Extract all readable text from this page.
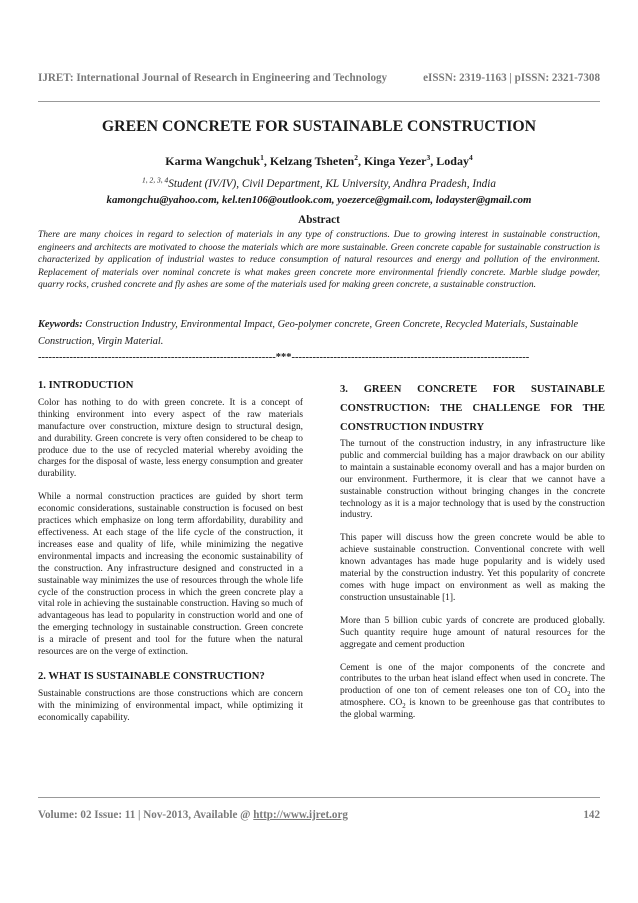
IJRET: International Journal of Research in Engineering and Technology	eISSN: 2319-1163 | pISSN: 2321-7308
GREEN CONCRETE FOR SUSTAINABLE CONSTRUCTION
Karma Wangchuk$^1$, Kelzang Tsheten$^2$, Kinga Yezer$^3$, Loday$^4$
$^{1, 2, 3, 4}$Student (IV/IV), Civil Department, KL University, Andhra Pradesh, India
kamongchu@yahoo.com, kel.ten106@outlook.com, yoezerce@gmail.com, lodayster@gmail.com
Abstract
There are many choices in regard to selection of materials in any type of constructions. Due to growing interest in sustainable construction, engineers and architects are motivated to choose the materials which are more sustainable. Green concrete capable for sustainable construction is characterized by application of industrial wastes to reduce consumption of natural resources and energy and pollution of the environment. Replacement of materials over nominal concrete is what makes green concrete more environmental friendly concrete. Marble sludge powder, quarry rocks, crushed concrete and fly ashes are some of the materials used for making green concrete, a sustainable construction.
Keywords: Construction Industry, Environmental Impact, Geo-polymer concrete, Green Concrete, Recycled Materials, Sustainable Construction, Virgin Material.
--------------------------------------------------------------------***--------------------------------------------------------------------
1. INTRODUCTION

Color has nothing to do with green concrete. It is a concept of thinking environment into every aspect of the raw materials manufacture over construction, mixture design to structural design, and durability. Green concrete is very often considered to be cheap to produce due to the use of recycled material whereby avoiding the charges for the disposal of waste, less energy consumption and greater durability.

While a normal construction practices are guided by short term economic considerations, sustainable construction is focused on best practices which emphasize on long term affordability, durability and effectiveness. At each stage of the life cycle of the construction, it increases ease and quality of life, while minimizing the negative environmental impacts and increasing the economic sustainability of the construction. Any infrastructure designed and constructed in a sustainable way minimizes the use of resources through the whole life cycle of the construction process in which the green concrete play a vital role in achieving the sustainable construction. Having so much of advantageous has lead to popularity in construction world and one of the emerging technology in sustainable construction. Green concrete is a miracle of present and tool for the future when the natural resources are on the verge of extinction.

2. WHAT IS SUSTAINABLE CONSTRUCTION?

Sustainable constructions are those constructions which are concern with the minimizing of environmental impact, while optimizing it economically capability.

3. GREEN CONCRETE FOR SUSTAINABLE CONSTRUCTION: THE CHALLENGE FOR THE CONSTRUCTION INDUSTRY

The turnout of the construction industry, in any infrastructure like public and commercial building has a major drawback on our ability to maintain a sustainable economy overall and has a major burden on our environment. Furthermore, it is clear that we cannot have a sustainable construction without bringing changes in the concrete technology as it is a major technology that is used by the construction industry.

This paper will discuss how the green concrete would be able to achieve sustainable construction. Conventional concrete with well known advantages has made huge popularity and is widely used material by the construction industry. Yet this popularity of concrete comes with huge impact on environment as well as making the construction unsustainable [1].

More than 5 billion cubic yards of concrete are produced globally. Such quantity require huge amount of natural resources for the aggregate and cement production

Cement is one of the major components of the concrete and contributes to the urban heat island effect when used in concrete. The production of one ton of cement releases one ton of $CO_2$ into the atmosphere. $CO_2$ is known to be greenhouse gas that contributes to the global warming.

Volume: 02 Issue: 11 | Nov-2013, Available @ http://www.ijret.org	142
